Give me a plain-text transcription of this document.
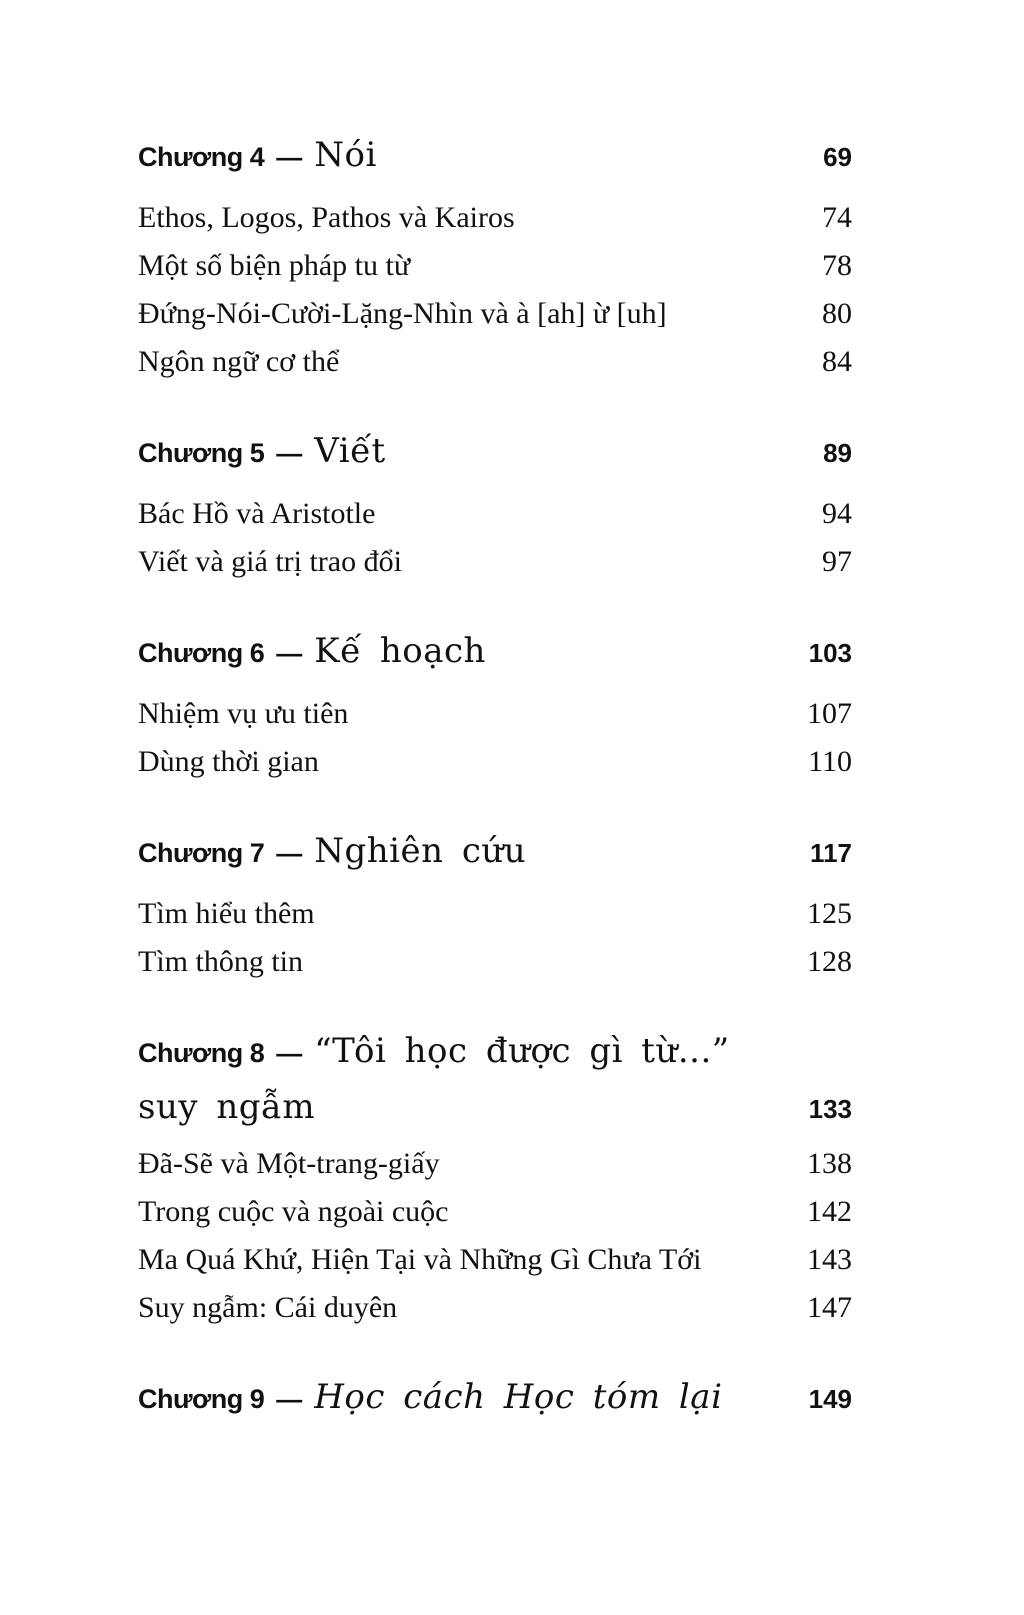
Chương 4 — Nói	69
Ethos, Logos, Pathos và Kairos	74
Một số biện pháp tu từ	78
Đứng-Nói-Cười-Lặng-Nhìn và à [ah] ừ [uh]	80
Ngôn ngữ cơ thể	84
Chương 5 — Viết	89
Bác Hồ và Aristotle	94
Viết và giá trị trao đổi	97
Chương 6 — Kế hoạch	103
Nhiệm vụ ưu tiên	107
Dùng thời gian	110
Chương 7 — Nghiên cứu	117
Tìm hiểu thêm	125
Tìm thông tin	128
Chương 8 — “Tôi học được gì từ...”
suy ngẫm	133
Đã-Sẽ và Một-trang-giấy	138
Trong cuộc và ngoài cuộc	142
Ma Quá Khứ, Hiện Tại và Những Gì Chưa Tới	143
Suy ngẫm: Cái duyên	147
Chương 9 — Học cách Học tóm lại	149
